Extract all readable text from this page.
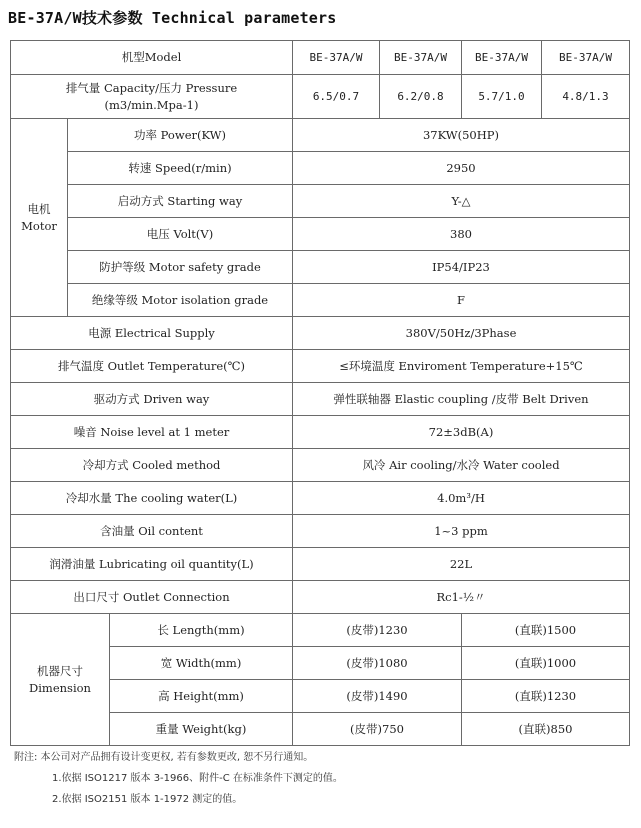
BE-37A/W技术参数 Technical parameters
机型Model			BE-37A/W	BE-37A/W	BE-37A/W	BE-37A/W

排气量 Capacity/压力 Pressure
(m3/min.Mpa-1)			6.5/0.7	6.2/0.8	5.7/1.0	4.8/1.3

电机
Motor	功率 Power(KW)		37KW(50HP)			
	转速 Speed(r/min)		2950			
	启动方式 Starting way		Y-△			
	电压 Volt(V)		380			
	防护等级 Motor safety grade		IP54/IP23			
	绝缘等级 Motor isolation grade		F			
电源 Electrical Supply			380V/50Hz/3Phase			
排气温度 Outlet Temperature(℃)			≤环境温度 Enviroment Temperature+15℃			
驱动方式 Driven way			弹性联轴器 Elastic coupling /皮带 Belt Driven			
噪音 Noise level at 1 meter			72±3dB(A)			
冷却方式 Cooled method			风冷 Air cooling/水冷 Water cooled			
冷却水量 The cooling water(L)			4.0m³/H			
含油量 Oil content			1~3 ppm			
润滑油量 Lubricating oil quantity(L)			22L			
出口尺寸 Outlet Connection			Rc1-½〃			

机器尺寸
Dimension		长 Length(mm)	(皮带)1230		(直联)1500	
		宽 Width(mm)	(皮带)1080		(直联)1000	
		高 Height(mm)	(皮带)1490		(直联)1230	
		重量 Weight(kg)	(皮带)750		(直联)850	
附注: 本公司对产品拥有设计变更权, 若有参数更改, 恕不另行通知。
1.依据 ISO1217 版本 3-1966、附件-C 在标准条件下测定的值。
2.依据 ISO2151 版本 1-1972 测定的值。
